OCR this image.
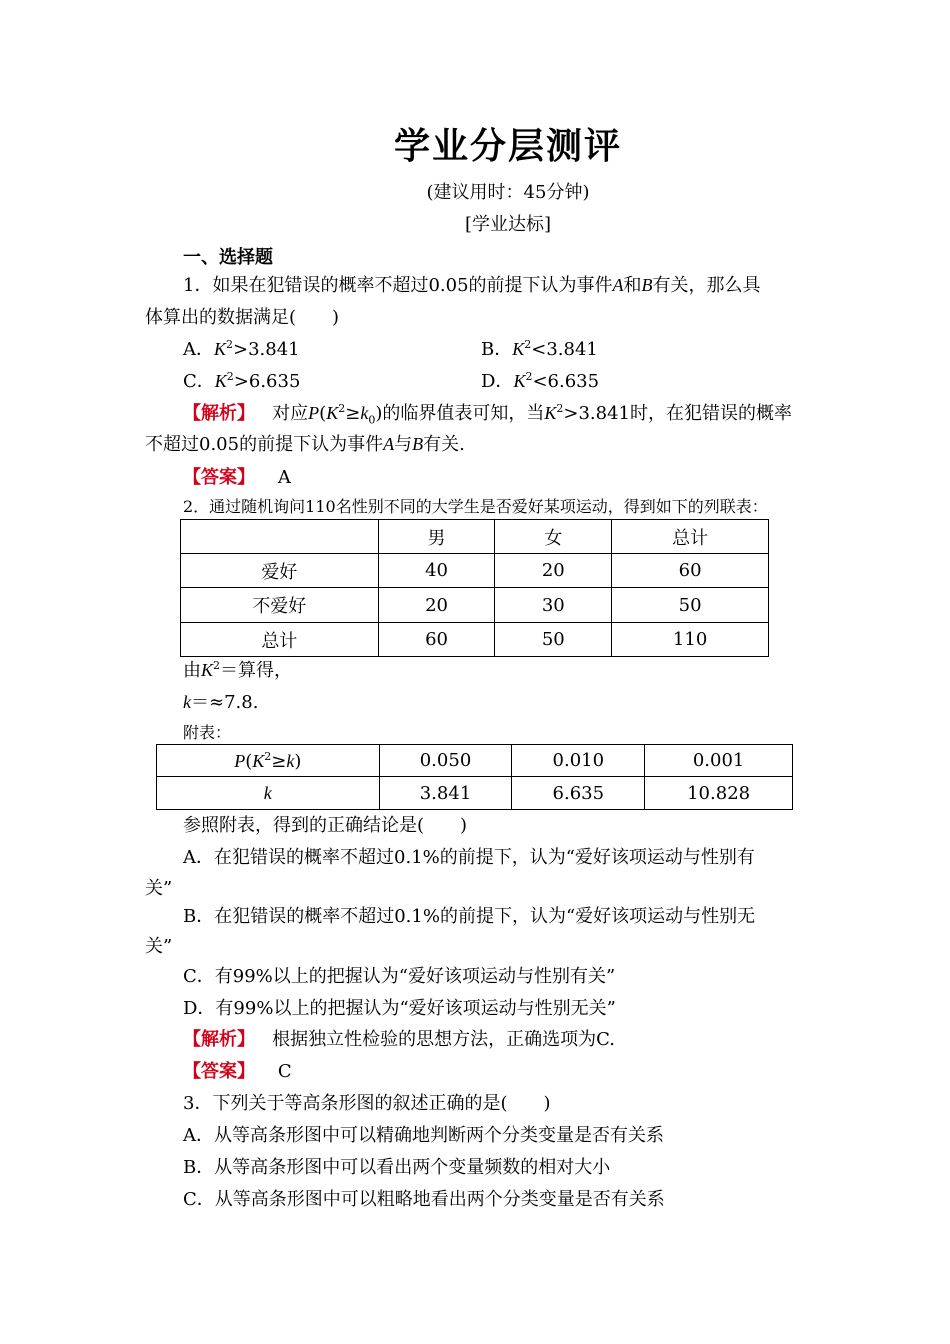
学业分层测评
(建议用时：45分钟)
[学业达标]
一、选择题
1．如果在犯错误的概率不超过0.05的前提下认为事件A和B有关，那么具
体算出的数据满足(　　)
A．$K^2>3.841$	B．$K^2<3.841$
C．$K^2>6.635$	D．$K^2<6.635$
【解析】 对应$P(K^2\ge k_0)$的临界值表可知，当$K^2>3.841$时，在犯错误的概率
不超过0.05的前提下认为事件A与B有关.
【答案】 A
2．通过随机询问110名性别不同的大学生是否爱好某项运动，得到如下的列联表：
	男	女	总计
爱好	40	20	60
不爱好	20	30	50
总计	60	50	110
由$K^2=$算得，
k＝≈7.8.
附表：
$P(K^2\ge k)$	0.050	0.010	0.001
k	3.841	6.635	10.828
参照附表，得到的正确结论是(　　)
A．在犯错误的概率不超过0.1%的前提下，认为“爱好该项运动与性别有
关”
B．在犯错误的概率不超过0.1%的前提下，认为“爱好该项运动与性别无
关”
C．有99%以上的把握认为“爱好该项运动与性别有关”
D．有99%以上的把握认为“爱好该项运动与性别无关”
【解析】 根据独立性检验的思想方法，正确选项为C.
【答案】 C
3．下列关于等高条形图的叙述正确的是(　　)
A．从等高条形图中可以精确地判断两个分类变量是否有关系
B．从等高条形图中可以看出两个变量频数的相对大小
C．从等高条形图中可以粗略地看出两个分类变量是否有关系
